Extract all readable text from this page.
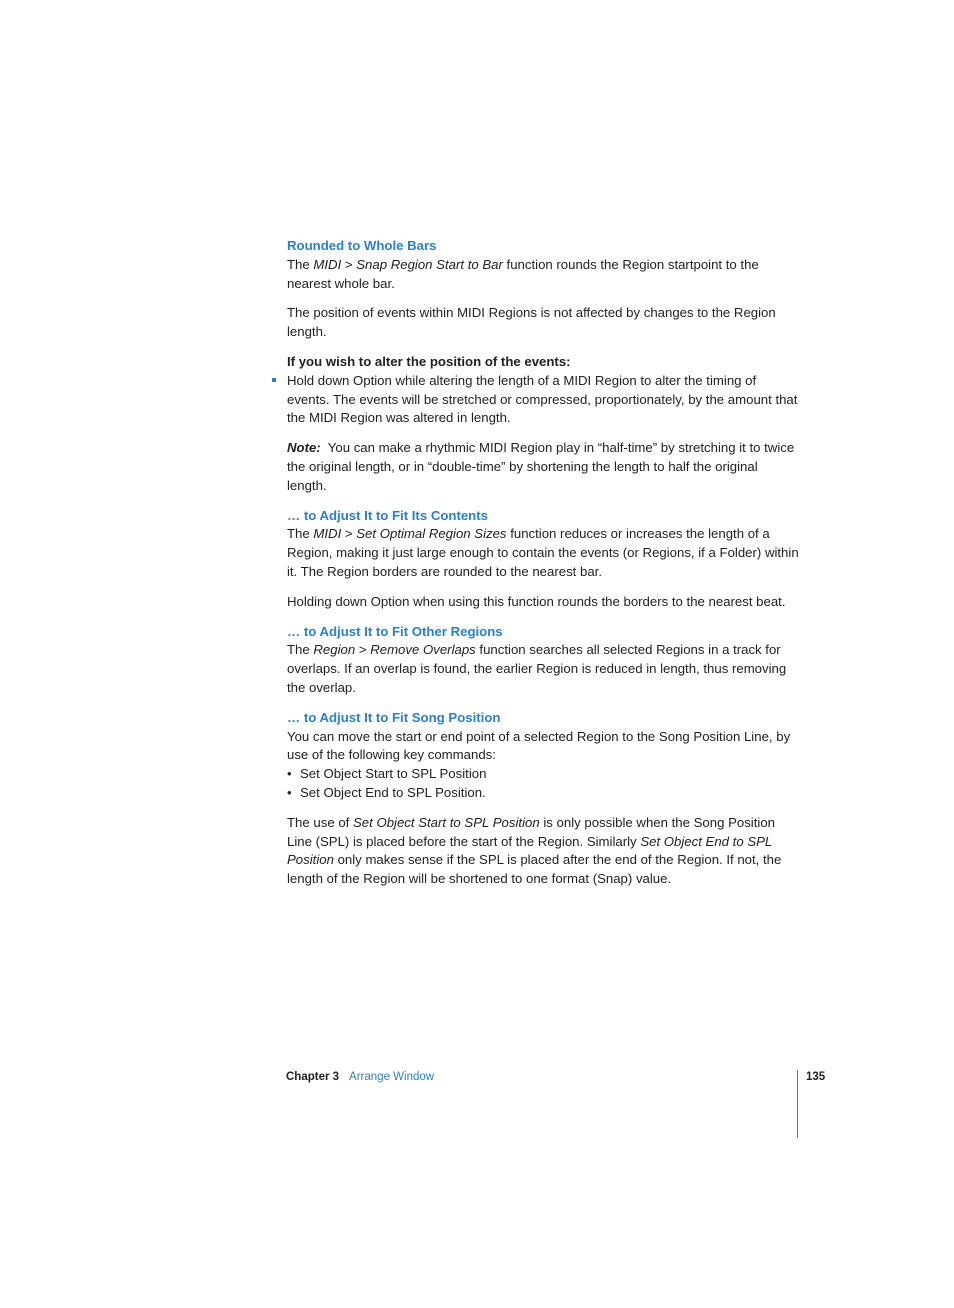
Rounded to Whole Bars

The MIDI > Snap Region Start to Bar function rounds the Region startpoint to the nearest whole bar.

The position of events within MIDI Regions is not affected by changes to the Region length.

If you wish to alter the position of the events:
Hold down Option while altering the length of a MIDI Region to alter the timing of events. The events will be stretched or compressed, proportionately, by the amount that the MIDI Region was altered in length.

Note:  You can make a rhythmic MIDI Region play in “half-time” by stretching it to twice the original length, or in “double-time” by shortening the length to half the original length.

… to Adjust It to Fit Its Contents

The MIDI > Set Optimal Region Sizes function reduces or increases the length of a Region, making it just large enough to contain the events (or Regions, if a Folder) within it. The Region borders are rounded to the nearest bar.

Holding down Option when using this function rounds the borders to the nearest beat.

… to Adjust It to Fit Other Regions

The Region > Remove Overlaps function searches all selected Regions in a track for overlaps. If an overlap is found, the earlier Region is reduced in length, thus removing the overlap.

… to Adjust It to Fit Song Position
You can move the start or end point of a selected Region to the Song Position Line, by use of the following key commands:
• Set Object Start to SPL Position
• Set Object End to SPL Position.

The use of Set Object Start to SPL Position is only possible when the Song Position Line (SPL) is placed before the start of the Region. Similarly Set Object End to SPL Position only makes sense if the SPL is placed after the end of the Region. If not, the length of the Region will be shortened to one format (Snap) value.

Chapter 3 Arrange Window	135
